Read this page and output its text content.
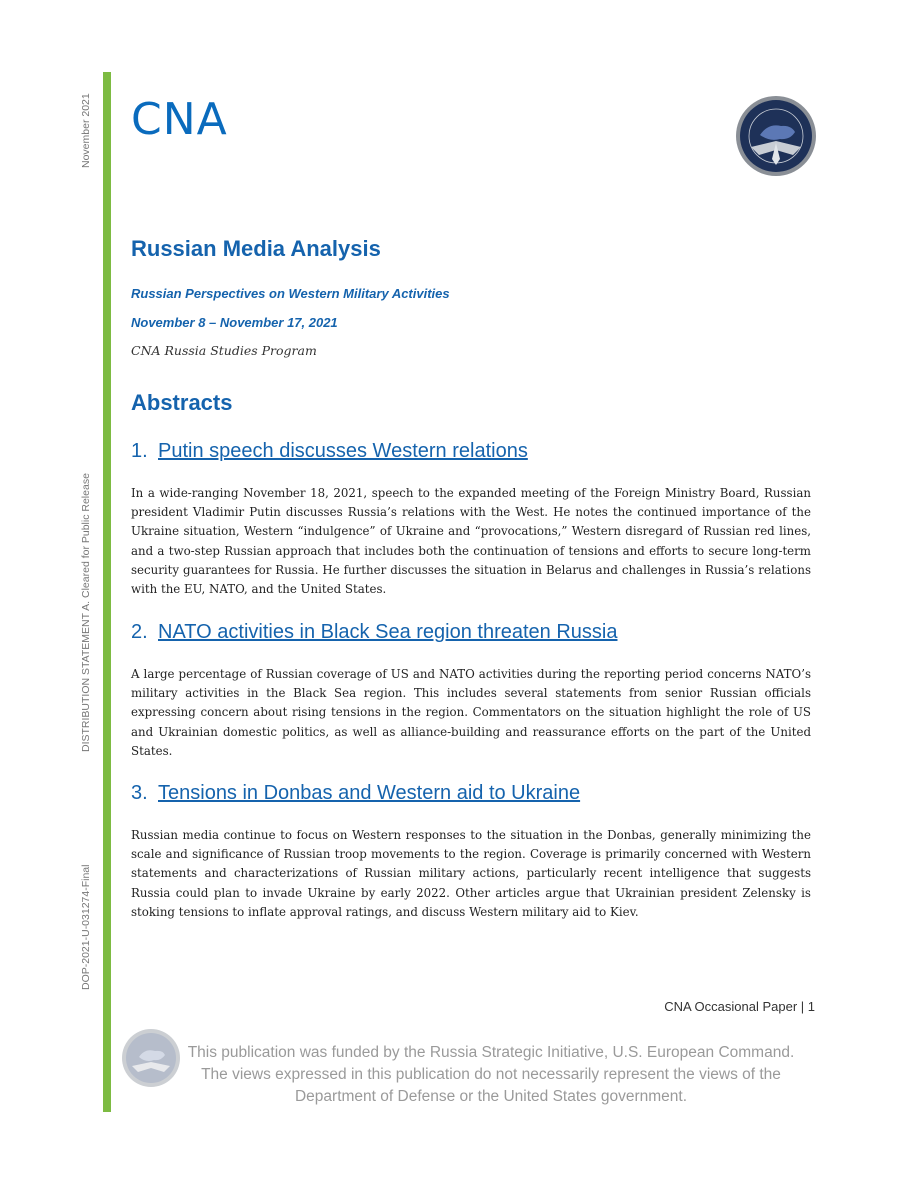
November 2021
DISTRIBUTION STATEMENT A. Cleared for Public Release
DOP-2021-U-031274-Final
CNA
Russian Media Analysis

Russian Perspectives on Western Military Activities

November 8 – November 17, 2021

CNA Russia Studies Program

Abstracts
1. Putin speech discusses Western relations

In a wide-ranging November 18, 2021, speech to the expanded meeting of the Foreign Ministry Board, Russian president Vladimir Putin discusses Russia’s relations with the West. He notes the continued importance of the Ukraine situation, Western “indulgence” of Ukraine and “provocations,” Western disregard of Russian red lines, and a two-step Russian approach that includes both the continuation of tensions and efforts to secure long-term security guarantees for Russia. He further discusses the situation in Belarus and challenges in Russia’s relations with the EU, NATO, and the United States.

2. NATO activities in Black Sea region threaten Russia

A large percentage of Russian coverage of US and NATO activities during the reporting period concerns NATO’s military activities in the Black Sea region. This includes several statements from senior Russian officials expressing concern about rising tensions in the region. Commentators on the situation highlight the role of US and Ukrainian domestic politics, as well as alliance-building and reassurance efforts on the part of the United States.

3. Tensions in Donbas and Western aid to Ukraine

Russian media continue to focus on Western responses to the situation in the Donbas, generally minimizing the scale and significance of Russian troop movements to the region. Coverage is primarily concerned with Western statements and characterizations of Russian military actions, particularly recent intelligence that suggests Russia could plan to invade Ukraine by early 2022. Other articles argue that Ukrainian president Zelensky is stoking tensions to inflate approval ratings, and discuss Western military aid to Kiev.

CNA Occasional Paper | 1

This publication was funded by the Russia Strategic Initiative, U.S. European Command. The views expressed in this publication do not necessarily represent the views of the Department of Defense or the United States government.
